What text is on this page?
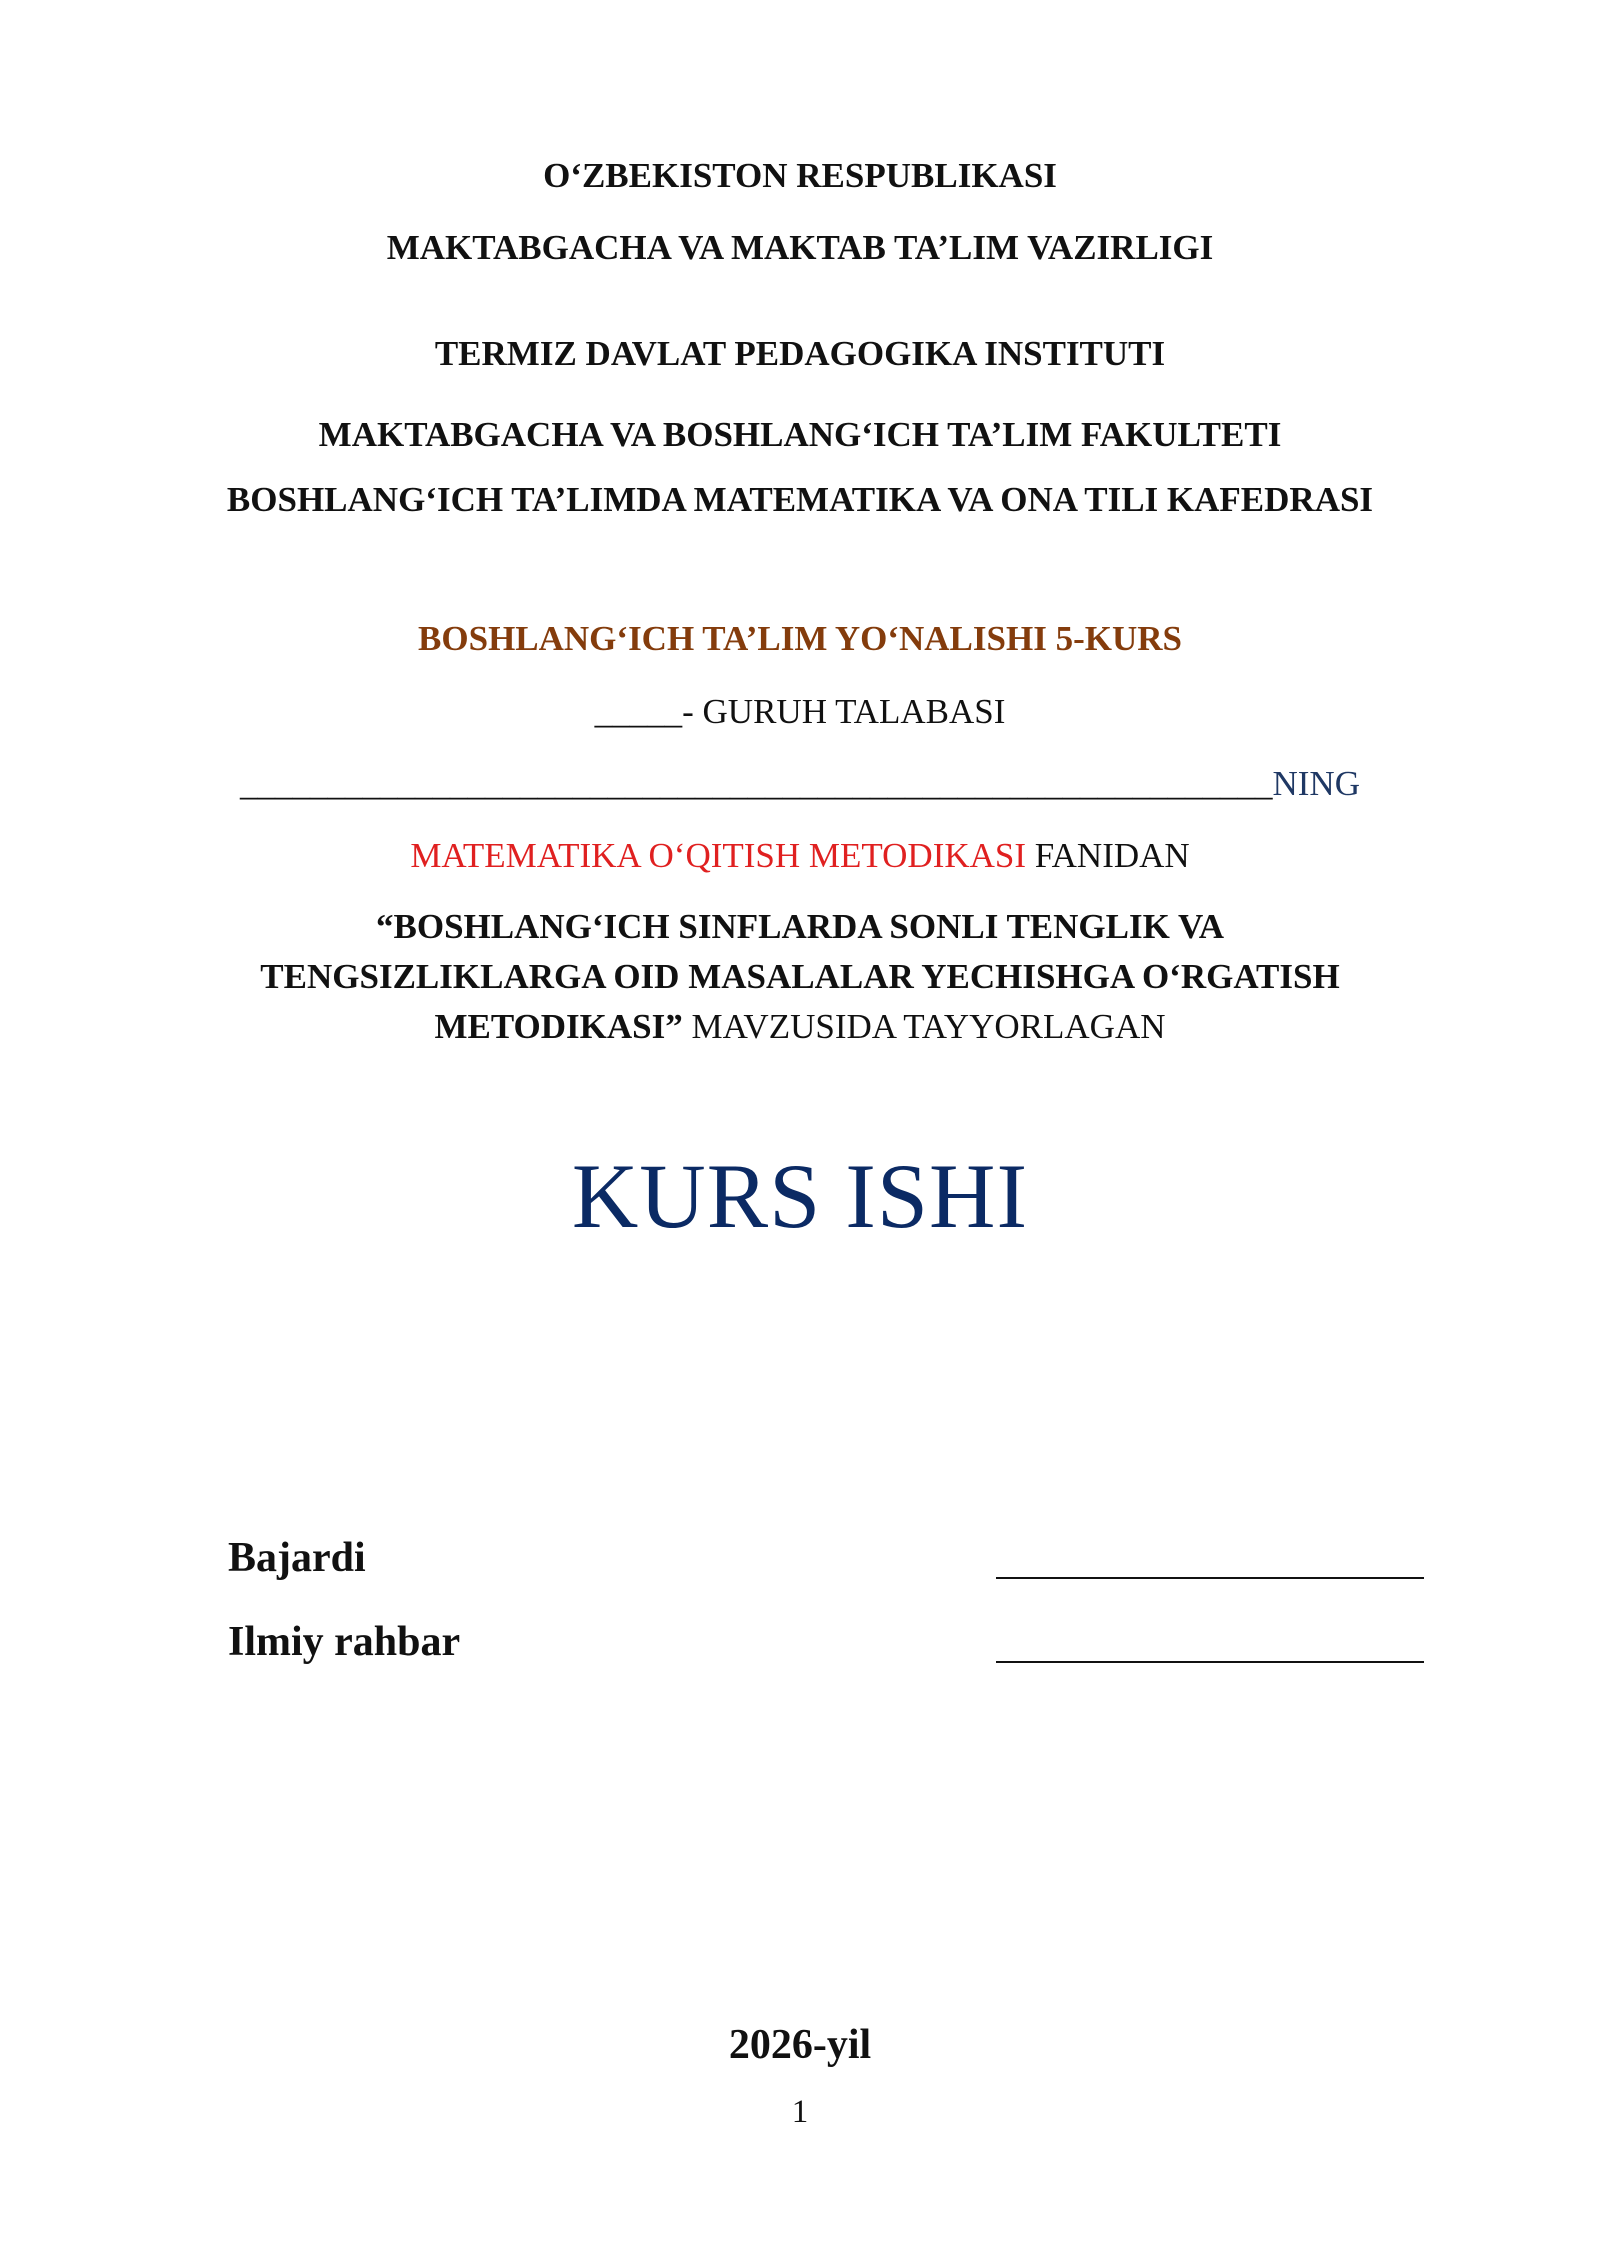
O‘ZBEKISTON RESPUBLIKASI
MAKTABGACHA VA MAKTAB TA’LIM VAZIRLIGI
TERMIZ DAVLAT PEDAGOGIKA INSTITUTI
MAKTABGACHA VA BOSHLANG‘ICH TA’LIM FAKULTETI
BOSHLANG‘ICH TA’LIMDA MATEMATIKA VA ONA TILI KAFEDRASI
BOSHLANG‘ICH TA’LIM YO‘NALISHI 5-KURS
_____- GURUH TALABASI
___________________________________________________________NING
MATEMATIKA O‘QITISH METODIKASI FANIDAN
“BOSHLANG‘ICH SINFLARDA SONLI TENGLIK VA
TENGSIZLIKLARGA OID MASALALAR YECHISHGA O‘RGATISH
METODIKASI” MAVZUSIDA TAYYORLAGAN
KURS ISHI
Bajardi
Ilmiy rahbar
2026-yil
1
